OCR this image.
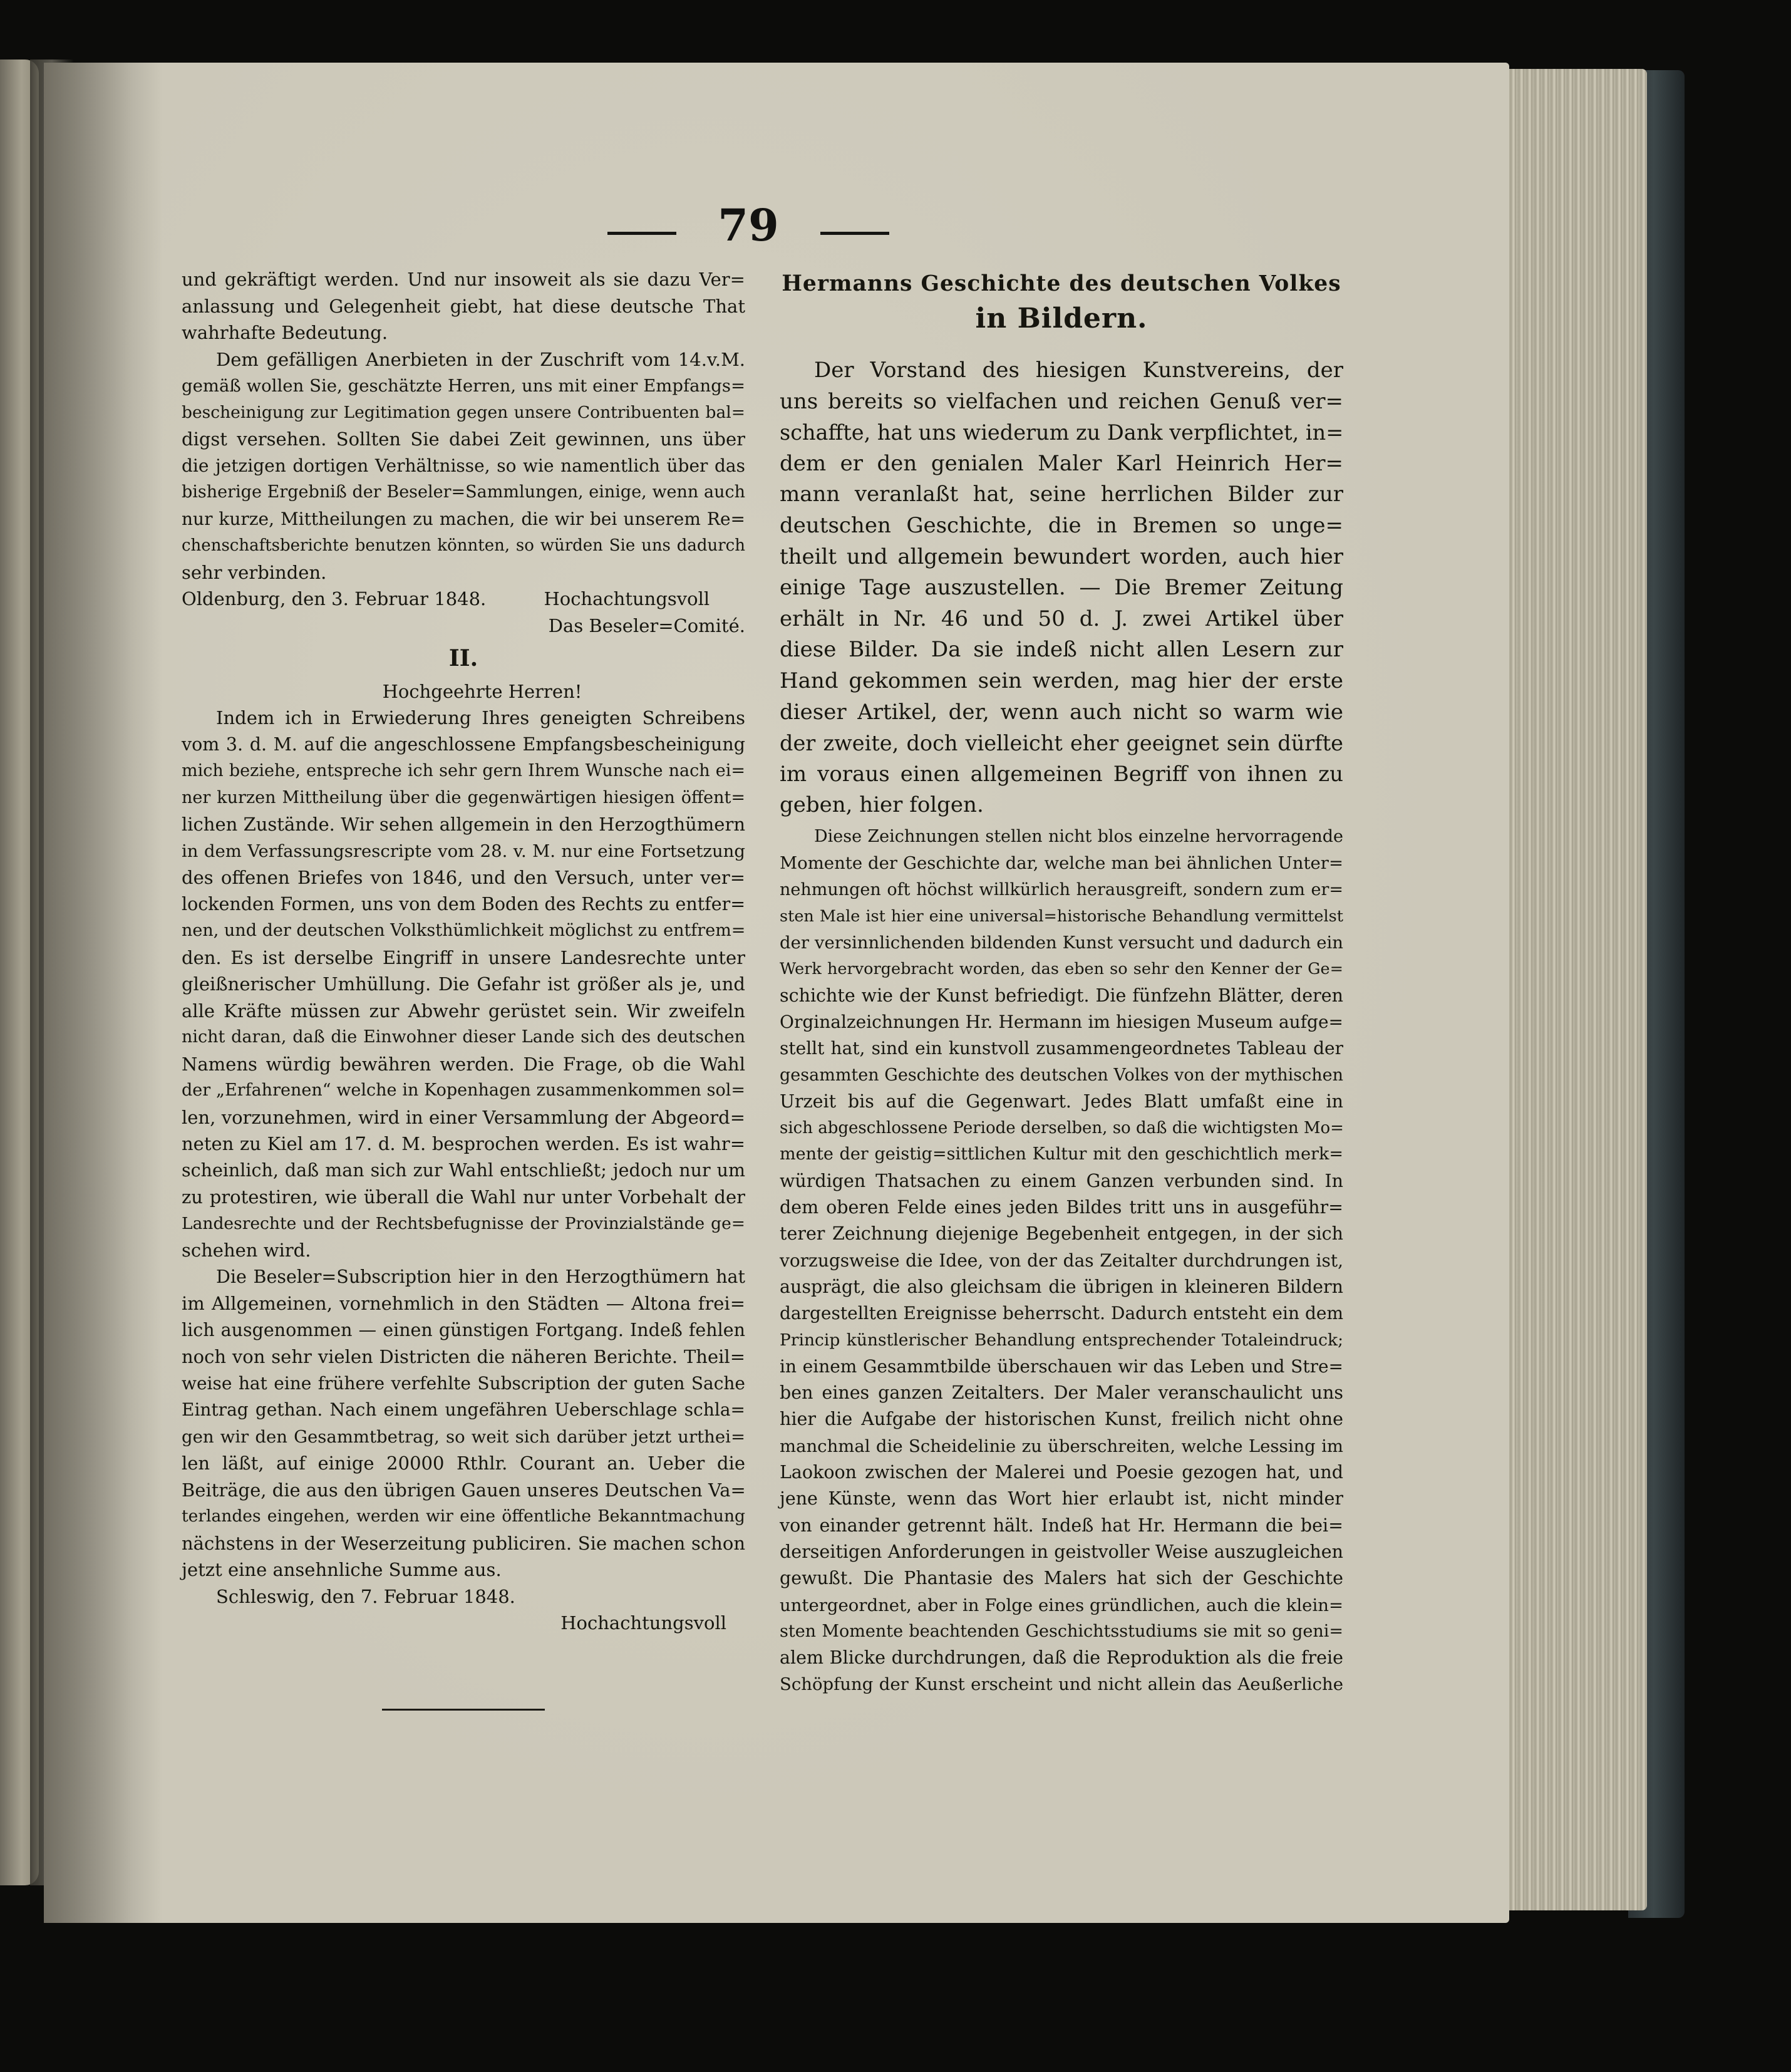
79
und gekräftigt werden. Und nur insoweit als sie dazu Ver=
anlassung und Gelegenheit giebt, hat diese deutsche That
wahrhafte Bedeutung.
Dem gefälligen Anerbieten in der Zuschrift vom 14.v.M.
gemäß wollen Sie, geschätzte Herren, uns mit einer Empfangs=
bescheinigung zur Legitimation gegen unsere Contribuenten bal=
digst versehen. Sollten Sie dabei Zeit gewinnen, uns über
die jetzigen dortigen Verhältnisse, so wie namentlich über das
bisherige Ergebniß der Beseler=Sammlungen, einige, wenn auch
nur kurze, Mittheilungen zu machen, die wir bei unserem Re=
chenschaftsberichte benutzen könnten, so würden Sie uns dadurch
sehr verbinden.
Oldenburg, den 3. Februar 1848.          Hochachtungsvoll
Das Beseler=Comité.
II.
Hochgeehrte Herren!
Indem ich in Erwiederung Ihres geneigten Schreibens
vom 3. d. M. auf die angeschlossene Empfangsbescheinigung
mich beziehe, entspreche ich sehr gern Ihrem Wunsche nach ei=
ner kurzen Mittheilung über die gegenwärtigen hiesigen öffent=
lichen Zustände. Wir sehen allgemein in den Herzogthümern
in dem Verfassungsrescripte vom 28. v. M. nur eine Fortsetzung
des offenen Briefes von 1846, und den Versuch, unter ver=
lockenden Formen, uns von dem Boden des Rechts zu entfer=
nen, und der deutschen Volksthümlichkeit möglichst zu entfrem=
den. Es ist derselbe Eingriff in unsere Landesrechte unter
gleißnerischer Umhüllung. Die Gefahr ist größer als je, und
alle Kräfte müssen zur Abwehr gerüstet sein. Wir zweifeln
nicht daran, daß die Einwohner dieser Lande sich des deutschen
Namens würdig bewähren werden. Die Frage, ob die Wahl
der „Erfahrenen“ welche in Kopenhagen zusammenkommen sol=
len, vorzunehmen, wird in einer Versammlung der Abgeord=
neten zu Kiel am 17. d. M. besprochen werden. Es ist wahr=
scheinlich, daß man sich zur Wahl entschließt; jedoch nur um
zu protestiren, wie überall die Wahl nur unter Vorbehalt der
Landesrechte und der Rechtsbefugnisse der Provinzialstände ge=
schehen wird.
Die Beseler=Subscription hier in den Herzogthümern hat
im Allgemeinen, vornehmlich in den Städten — Altona frei=
lich ausgenommen — einen günstigen Fortgang. Indeß fehlen
noch von sehr vielen Districten die näheren Berichte. Theil=
weise hat eine frühere verfehlte Subscription der guten Sache
Eintrag gethan. Nach einem ungefähren Ueberschlage schla=
gen wir den Gesammtbetrag, so weit sich darüber jetzt urthei=
len läßt, auf einige 20000 Rthlr. Courant an. Ueber die
Beiträge, die aus den übrigen Gauen unseres Deutschen Va=
terlandes eingehen, werden wir eine öffentliche Bekanntmachung
nächstens in der Weserzeitung publiciren. Sie machen schon
jetzt eine ansehnliche Summe aus.
Schleswig, den 7. Februar 1848.
Hochachtungsvoll
Hermanns Geschichte des deutschen Volkes
in Bildern.
Der Vorstand des hiesigen Kunstvereins, der
uns bereits so vielfachen und reichen Genuß ver=
schaffte, hat uns wiederum zu Dank verpflichtet, in=
dem er den genialen Maler Karl Heinrich Her=
mann veranlaßt hat, seine herrlichen Bilder zur
deutschen Geschichte, die in Bremen so unge=
theilt und allgemein bewundert worden, auch hier
einige Tage auszustellen. — Die Bremer Zeitung
erhält in Nr. 46 und 50 d. J. zwei Artikel über
diese Bilder. Da sie indeß nicht allen Lesern zur
Hand gekommen sein werden, mag hier der erste
dieser Artikel, der, wenn auch nicht so warm wie
der zweite, doch vielleicht eher geeignet sein dürfte
im voraus einen allgemeinen Begriff von ihnen zu
geben, hier folgen.
Diese Zeichnungen stellen nicht blos einzelne hervorragende
Momente der Geschichte dar, welche man bei ähnlichen Unter=
nehmungen oft höchst willkürlich herausgreift, sondern zum er=
sten Male ist hier eine universal=historische Behandlung vermittelst
der versinnlichenden bildenden Kunst versucht und dadurch ein
Werk hervorgebracht worden, das eben so sehr den Kenner der Ge=
schichte wie der Kunst befriedigt. Die fünfzehn Blätter, deren
Orginalzeichnungen Hr. Hermann im hiesigen Museum aufge=
stellt hat, sind ein kunstvoll zusammengeordnetes Tableau der
gesammten Geschichte des deutschen Volkes von der mythischen
Urzeit bis auf die Gegenwart. Jedes Blatt umfaßt eine in
sich abgeschlossene Periode derselben, so daß die wichtigsten Mo=
mente der geistig=sittlichen Kultur mit den geschichtlich merk=
würdigen Thatsachen zu einem Ganzen verbunden sind. In
dem oberen Felde eines jeden Bildes tritt uns in ausgeführ=
terer Zeichnung diejenige Begebenheit entgegen, in der sich
vorzugsweise die Idee, von der das Zeitalter durchdrungen ist,
ausprägt, die also gleichsam die übrigen in kleineren Bildern
dargestellten Ereignisse beherrscht. Dadurch entsteht ein dem
Princip künstlerischer Behandlung entsprechender Totaleindruck;
in einem Gesammtbilde überschauen wir das Leben und Stre=
ben eines ganzen Zeitalters. Der Maler veranschaulicht uns
hier die Aufgabe der historischen Kunst, freilich nicht ohne
manchmal die Scheidelinie zu überschreiten, welche Lessing im
Laokoon zwischen der Malerei und Poesie gezogen hat, und
jene Künste, wenn das Wort hier erlaubt ist, nicht minder
von einander getrennt hält. Indeß hat Hr. Hermann die bei=
derseitigen Anforderungen in geistvoller Weise auszugleichen
gewußt. Die Phantasie des Malers hat sich der Geschichte
untergeordnet, aber in Folge eines gründlichen, auch die klein=
sten Momente beachtenden Geschichtsstudiums sie mit so geni=
alem Blicke durchdrungen, daß die Reproduktion als die freie
Schöpfung der Kunst erscheint und nicht allein das Aeußerliche
